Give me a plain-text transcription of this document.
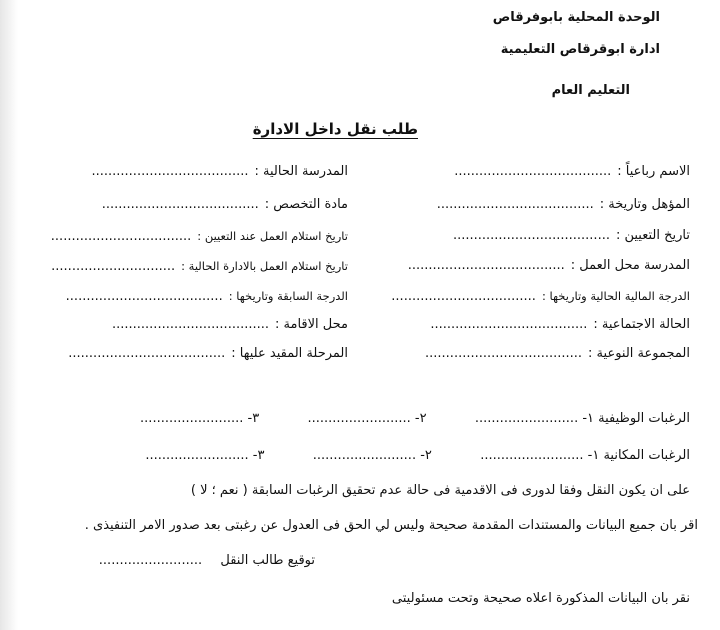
الوحدة المحلية بابوفرقاص
ادارة ابوقرقاص التعليمية
التعليم العام
طلب نقل داخل الادارة
الاسم رباعياً :......................................
المؤهل وتاريخة :......................................
تاريخ التعيين :......................................
المدرسة محل العمل :......................................
الدرجة المالية الحالية وتاريخها :...................................
الحالة الاجتماعية :......................................
المجموعة النوعية :......................................
المدرسة الحالية :......................................
مادة التخصص :......................................
تاريخ استلام العمل عند التعيين :..................................
تاريخ استلام العمل بالادارة الحالية :..............................
الدرجة السابقة وتاريخها :......................................
محل الاقامة :......................................
المرحلة المقيد عليها :......................................
الرغبات الوظيفية ١- .........................  ٢- .........................  ٣- .........................
الرغبات المكانية ١- .........................  ٢- .........................  ٣- .........................
على ان يكون النقل وفقا لدورى فى الاقدمية فى حالة عدم تحقيق الرغبات السابقة ( نعم ؛ لا )
اقر بان جميع البيانات والمستندات المقدمة صحيحة وليس لي الحق فى العدول عن رغبتى بعد صدور الامر التنفيذى .
توقيع طالب النقل  .........................
نقر بان البيانات المذكورة اعلاه صحيحة وتحت مسئوليتى
